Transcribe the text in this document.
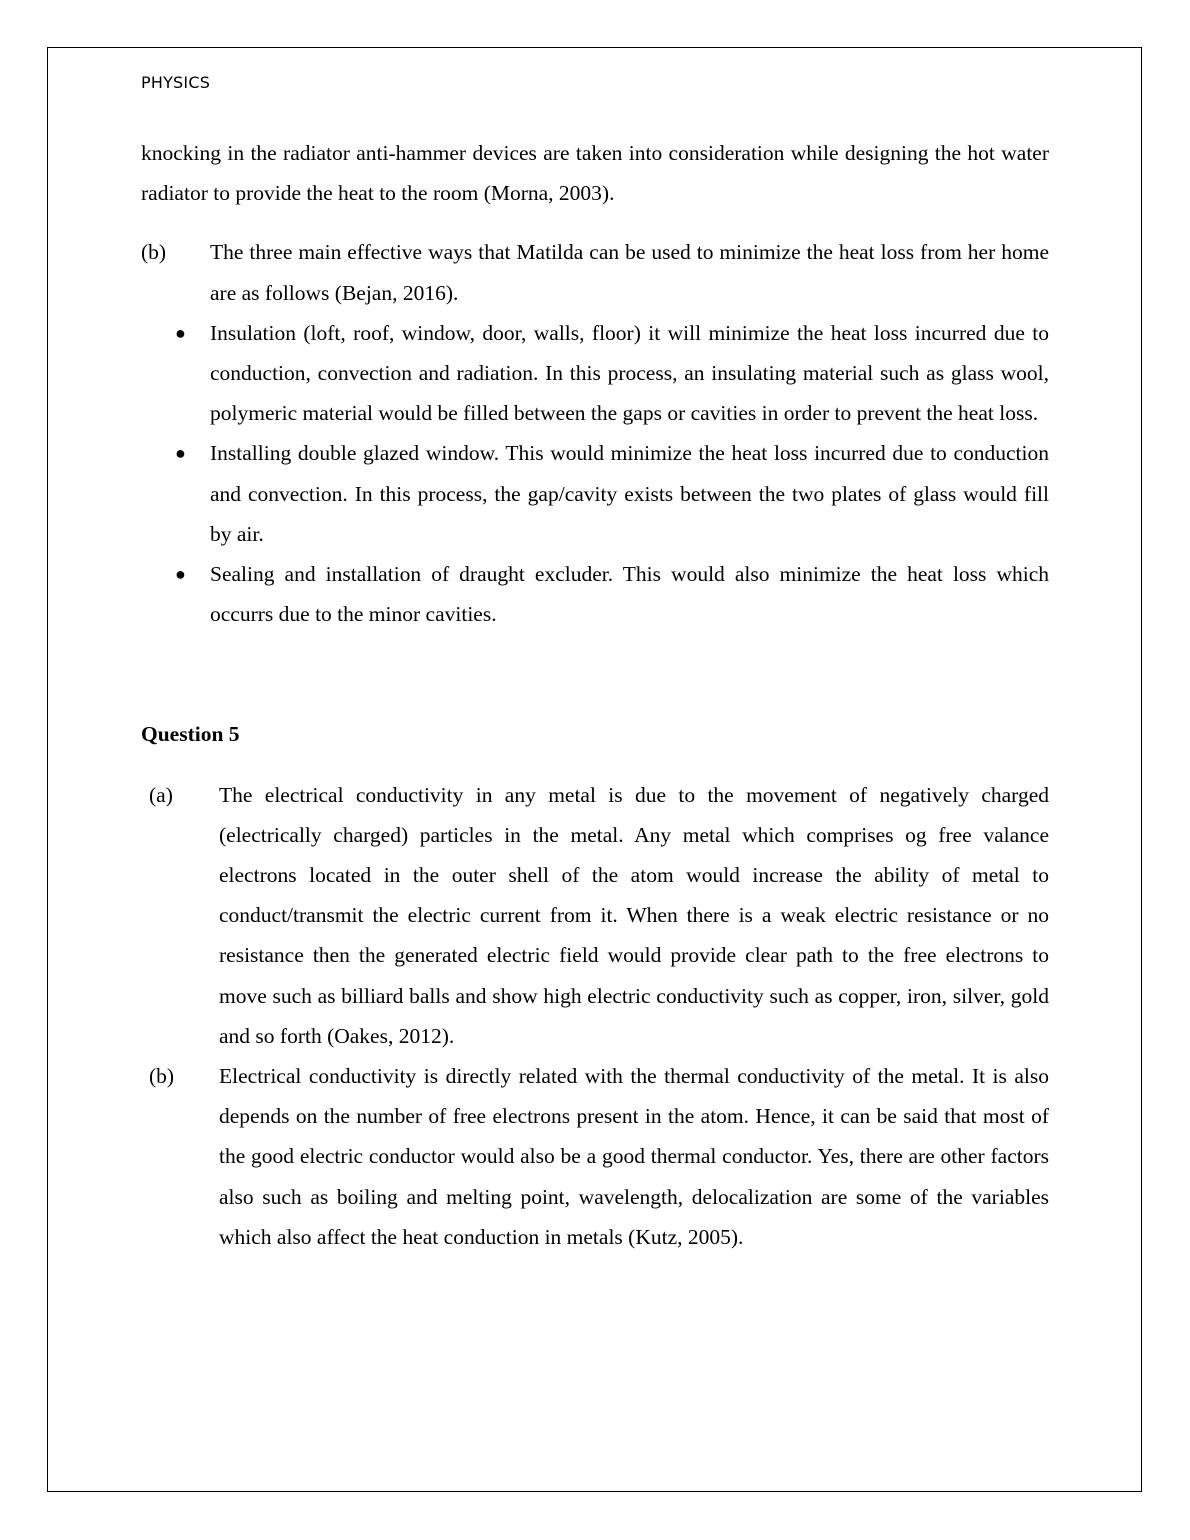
PHYSICS

knocking in the radiator anti-hammer devices are taken into consideration while designing the hot water radiator to provide the heat to the room (Morna, 2003).

(b) The three main effective ways that Matilda can be used to minimize the heat loss from her home are as follows (Bejan, 2016).
● Insulation (loft, roof, window, door, walls, floor) it will minimize the heat loss incurred due to conduction, convection and radiation. In this process, an insulating material such as glass wool, polymeric material would be filled between the gaps or cavities in order to prevent the heat loss.
● Installing double glazed window. This would minimize the heat loss incurred due to conduction and convection. In this process, the gap/cavity exists between the two plates of glass would fill by air.
● Sealing and installation of draught excluder. This would also minimize the heat loss which occurrs due to the minor cavities.

Question 5

(a) The electrical conductivity in any metal is due to the movement of negatively charged (electrically charged) particles in the metal. Any metal which comprises og free valance electrons located in the outer shell of the atom would increase the ability of metal to conduct/transmit the electric current from it. When there is a weak electric resistance or no resistance then the generated electric field would provide clear path to the free electrons to move such as billiard balls and show high electric conductivity such as copper, iron, silver, gold and so forth (Oakes, 2012).
(b) Electrical conductivity is directly related with the thermal conductivity of the metal. It is also depends on the number of free electrons present in the atom. Hence, it can be said that most of the good electric conductor would also be a good thermal conductor. Yes, there are other factors also such as boiling and melting point, wavelength, delocalization are some of the variables which also affect the heat conduction in metals (Kutz, 2005).
